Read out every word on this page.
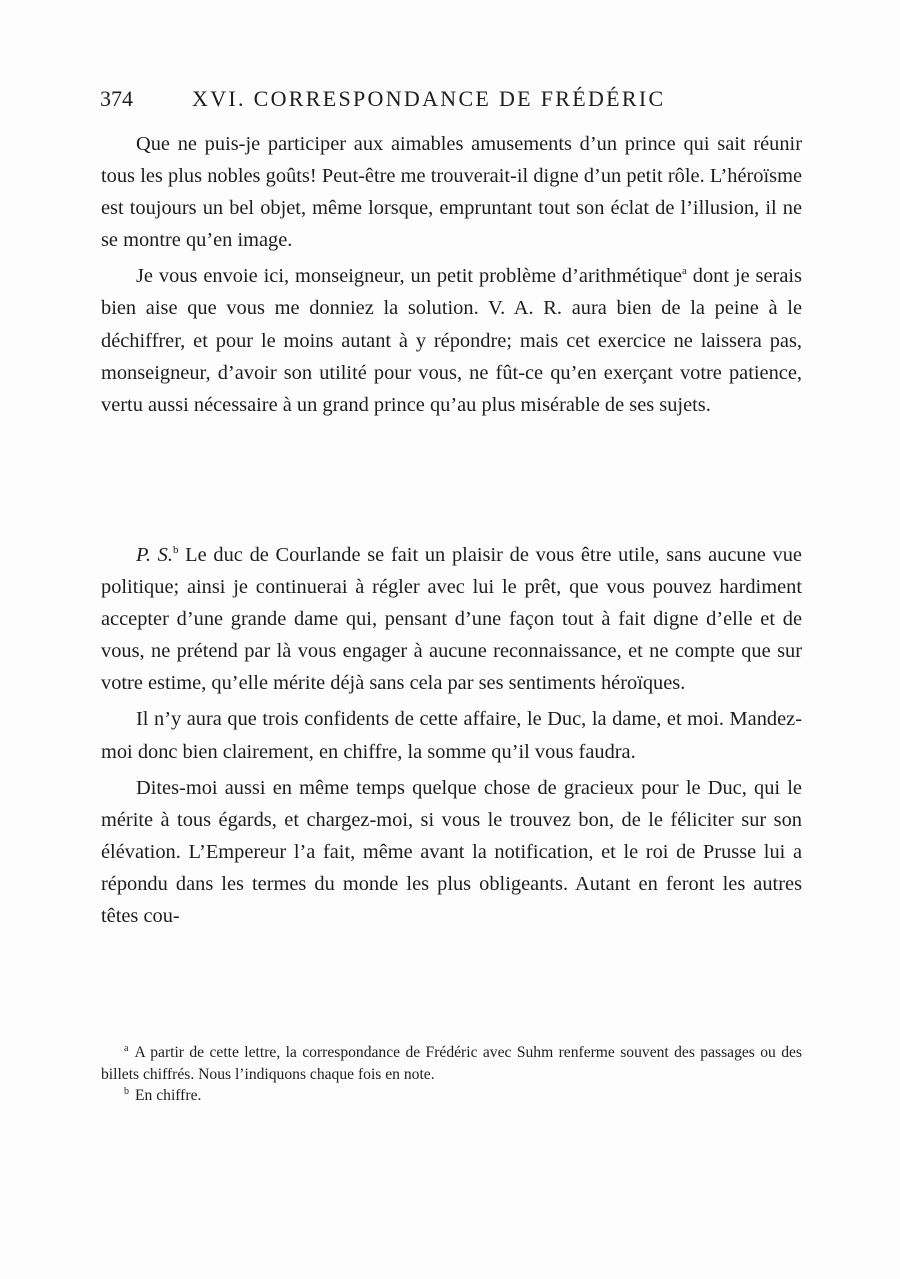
374	XVI. CORRESPONDANCE DE FRÉDÉRIC

Que ne puis-je participer aux aimables amusements d’un prince qui sait réunir tous les plus nobles goûts! Peut-être me trouverait-il digne d’un petit rôle. L’héroïsme est toujours un bel objet, même lorsque, empruntant tout son éclat de l’illusion, il ne se montre qu’en image.

Je vous envoie ici, monseigneur, un petit problème d’arithmétique$^a$ dont je serais bien aise que vous me donniez la solution. V. A. R. aura bien de la peine à le déchiffrer, et pour le moins autant à y répondre; mais cet exercice ne laissera pas, monseigneur, d’avoir son utilité pour vous, ne fût-ce qu’en exerçant votre patience, vertu aussi nécessaire à un grand prince qu’au plus misérable de ses sujets.

P. S.$^b$ Le duc de Courlande se fait un plaisir de vous être utile, sans aucune vue politique; ainsi je continuerai à régler avec lui le prêt, que vous pouvez hardiment accepter d’une grande dame qui, pensant d’une façon tout à fait digne d’elle et de vous, ne prétend par là vous engager à aucune reconnaissance, et ne compte que sur votre estime, qu’elle mérite déjà sans cela par ses sentiments héroïques.

Il n’y aura que trois confidents de cette affaire, le Duc, la dame, et moi. Mandez-moi donc bien clairement, en chiffre, la somme qu’il vous faudra.

Dites-moi aussi en même temps quelque chose de gracieux pour le Duc, qui le mérite à tous égards, et chargez-moi, si vous le trouvez bon, de le féliciter sur son élévation. L’Empereur l’a fait, même avant la notification, et le roi de Prusse lui a répondu dans les termes du monde les plus obligeants. Autant en feront les autres têtes cou-

$^a$ A partir de cette lettre, la correspondance de Frédéric avec Suhm renferme souvent des passages ou des billets chiffrés. Nous l’indiquons chaque fois en note.

$^b$ En chiffre.
